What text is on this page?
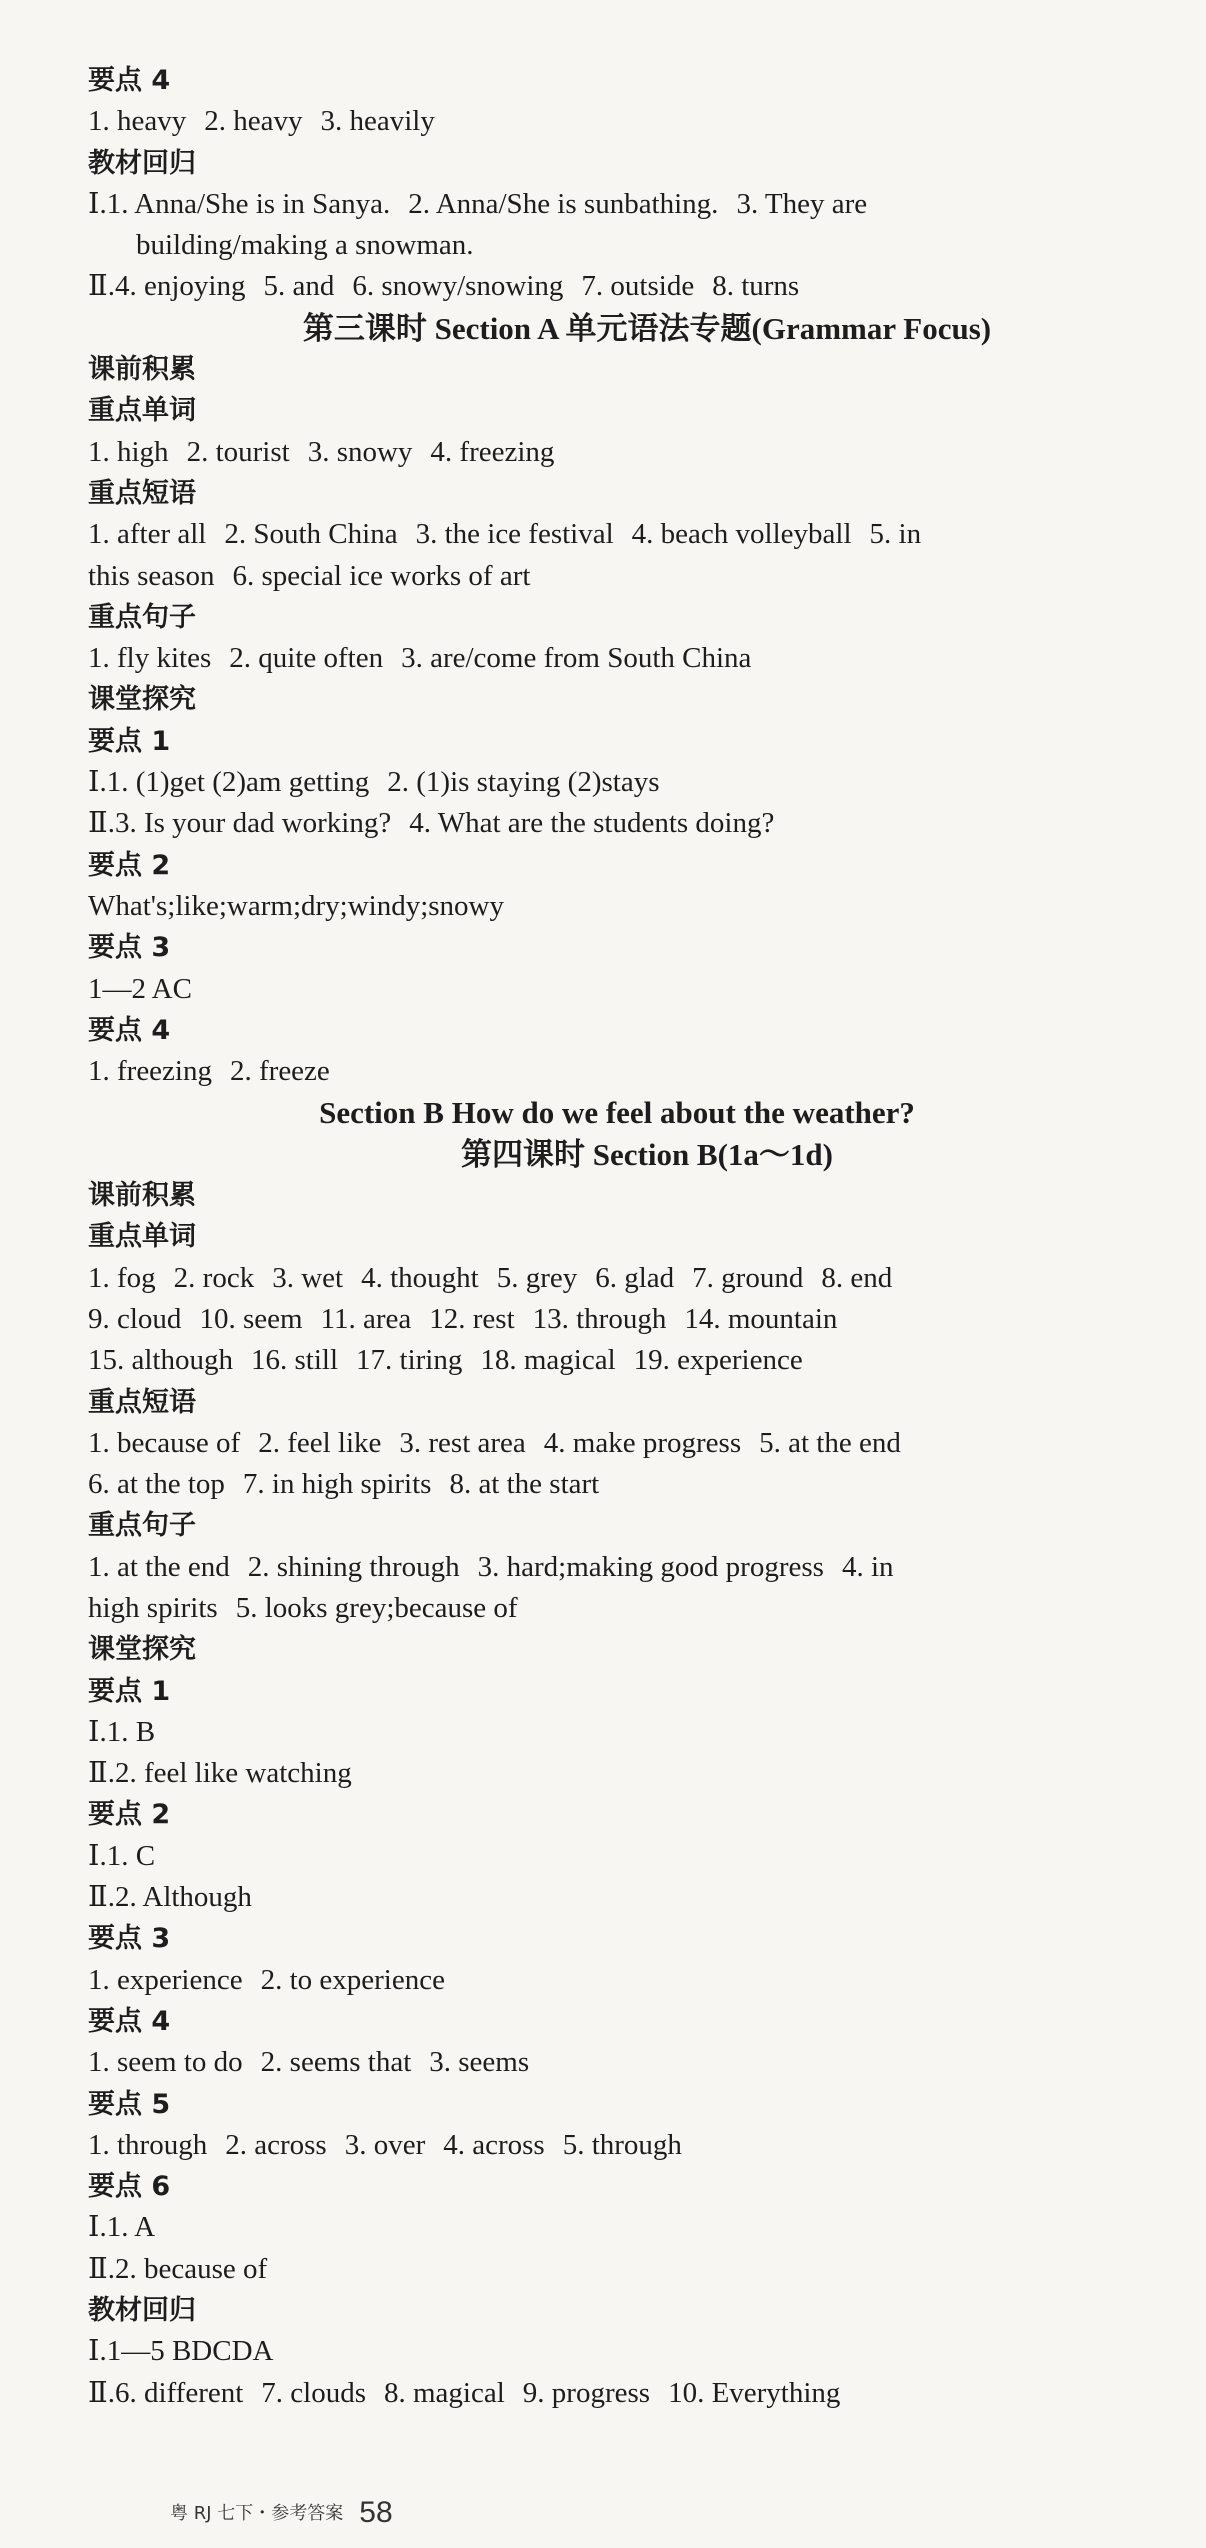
要点 4
1. heavy 2. heavy 3. heavily
教材回归
Ⅰ.1. Anna/She is in Sanya. 2. Anna/She is sunbathing. 3. They are
building/making a snowman.
Ⅱ.4. enjoying 5. and 6. snowy/snowing 7. outside 8. turns
第三课时 Section A 单元语法专题(Grammar Focus)
课前积累
重点单词
1. high 2. tourist 3. snowy 4. freezing
重点短语
1. after all 2. South China 3. the ice festival 4. beach volleyball 5. in
this season 6. special ice works of art
重点句子
1. fly kites 2. quite often 3. are/come from South China
课堂探究
要点 1
Ⅰ.1. (1)get (2)am getting 2. (1)is staying (2)stays
Ⅱ.3. Is your dad working? 4. What are the students doing?
要点 2
What's;like;warm;dry;windy;snowy
要点 3
1—2 AC
要点 4
1. freezing 2. freeze
Section B How do we feel about the weather?
第四课时 Section B(1a～1d)
课前积累
重点单词
1. fog 2. rock 3. wet 4. thought 5. grey 6. glad 7. ground 8. end
9. cloud 10. seem 11. area 12. rest 13. through 14. mountain
15. although 16. still 17. tiring 18. magical 19. experience
重点短语
1. because of 2. feel like 3. rest area 4. make progress 5. at the end
6. at the top 7. in high spirits 8. at the start
重点句子
1. at the end 2. shining through 3. hard;making good progress 4. in
high spirits 5. looks grey;because of
课堂探究
要点 1
Ⅰ.1. B
Ⅱ.2. feel like watching
要点 2
Ⅰ.1. C
Ⅱ.2. Although
要点 3
1. experience 2. to experience
要点 4
1. seem to do 2. seems that 3. seems
要点 5
1. through 2. across 3. over 4. across 5. through
要点 6
Ⅰ.1. A
Ⅱ.2. because of
教材回归
Ⅰ.1—5 BDCDA
Ⅱ.6. different 7. clouds 8. magical 9. progress 10. Everything
粤 RJ 七下・参考答案 58
